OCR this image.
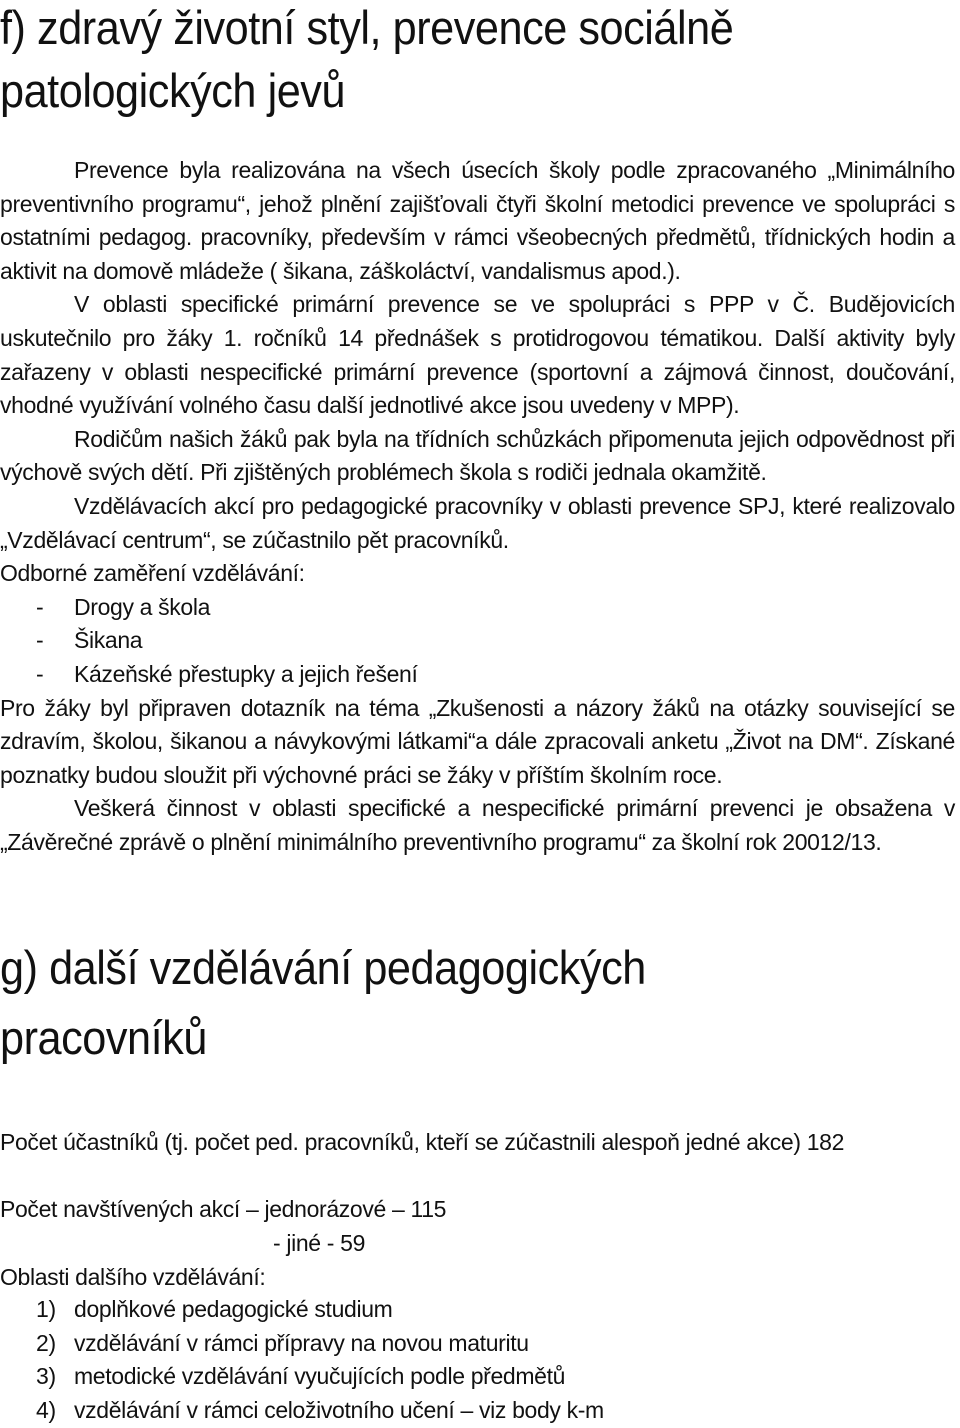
f) zdravý životní styl, prevence sociálně
patologických jevů

Prevence byla realizována na všech úsecích školy podle zpracovaného „Minimálního preventivního programu“, jehož plnění zajišťovali čtyři školní metodici prevence ve spolupráci s ostatními pedagog. pracovníky, především v rámci všeobecných předmětů, třídnických hodin a aktivit na domově mládeže ( šikana, záškoláctví, vandalismus apod.).

V oblasti specifické primární prevence se ve spolupráci s PPP v Č. Budějovicích uskutečnilo pro žáky 1. ročníků 14 přednášek s protidrogovou tématikou. Další aktivity byly zařazeny v oblasti nespecifické primární prevence (sportovní a zájmová činnost, doučování, vhodné využívání volného času další jednotlivé akce jsou uvedeny v MPP).

Rodičům našich žáků pak byla na třídních schůzkách připomenuta jejich odpovědnost při výchově svých dětí. Při zjištěných problémech škola s rodiči jednala okamžitě.

Vzdělávacích akcí pro pedagogické pracovníky v oblasti prevence SPJ, které realizovalo „Vzdělávací centrum“, se zúčastnilo pět pracovníků.

Odborné zaměření vzdělávání:

- Drogy a škola
- Šikana
- Kázeňské přestupky a jejich řešení

Pro žáky byl připraven dotazník na téma „Zkušenosti a názory žáků na otázky související se zdravím, školou, šikanou a návykovými látkami“a dále zpracovali anketu „Život na DM“. Získané poznatky budou sloužit při výchovné práci se žáky v příštím školním roce.

Veškerá činnost v oblasti specifické a nespecifické primární prevenci je obsažena v „Závěrečné zprávě o plnění minimálního preventivního programu“ za školní rok 20012/13.

g) další vzdělávání pedagogických
pracovníků
Počet účastníků (tj. počet ped. pracovníků, kteří se zúčastnili alespoň jedné akce) 182
Počet navštívených akcí – jednorázové – 115
- jiné - 59
Oblasti dalšího vzdělávání:
1) doplňkové pedagogické studium
2) vzdělávání v rámci přípravy na novou maturitu
3) metodické vzdělávání vyučujících podle předmětů
4) vzdělávání v rámci celoživotního učení – viz body k-m
